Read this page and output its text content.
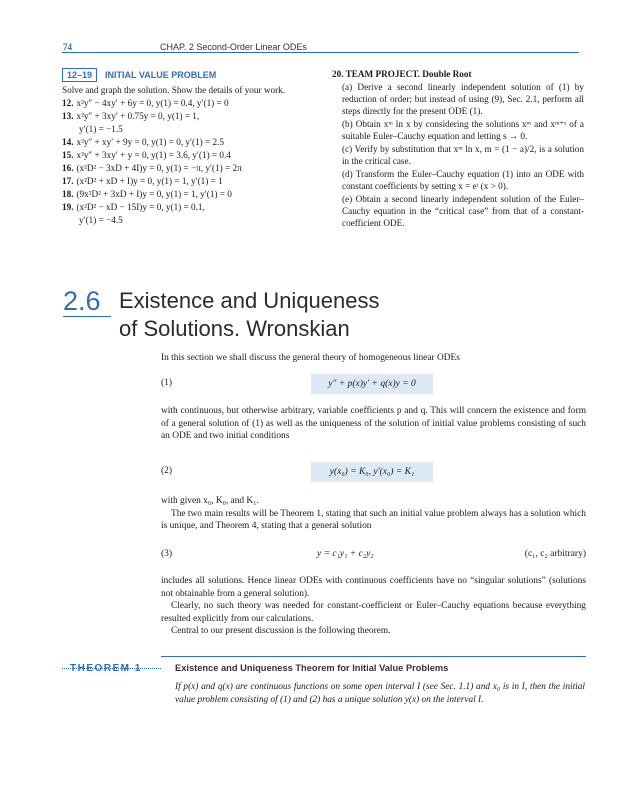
74	CHAP. 2 Second-Order Linear ODEs
12–19	INITIAL VALUE PROBLEM

Solve and graph the solution. Show the details of your work.

12. x²y″ − 4xy′ + 6y = 0, y(1) = 0.4, y′(1) = 0

13. x²y″ + 3xy′ + 0.75y = 0, y(1) = 1,

y′(1) = −1.5

14. x²y″ + xy′ + 9y = 0, y(1) = 0, y′(1) = 2.5

15. x²y″ + 3xy′ + y = 0, y(1) = 3.6, y′(1) = 0.4

16. (x²D² − 3xD + 4I)y = 0, y(1) = −π, y′(1) = 2π

17. (x²D² + xD + I)y = 0, y(1) = 1, y′(1) = 1

18. (9x²D² + 3xD + I)y = 0, y(1) = 1, y′(1) = 0

19. (x²D² − xD − 15I)y = 0, y(1) = 0.1,

y′(1) = −4.5

20. TEAM PROJECT. Double Root

(a) Derive a second linearly independent solution of (1) by reduction of order; but instead of using (9), Sec. 2.1, perform all steps directly for the present ODE (1).

(b) Obtain xᵐ ln x by considering the solutions xᵐ and xᵐ⁺ˢ of a suitable Euler–Cauchy equation and letting s → 0.

(c) Verify by substitution that xᵐ ln x, m = (1 − a)/2, is a solution in the critical case.

(d) Transform the Euler–Cauchy equation (1) into an ODE with constant coefficients by setting x = eᵗ (x > 0).

(e) Obtain a second linearly independent solution of the Euler–Cauchy equation in the “critical case” from that of a constant-coefficient ODE.

2.6 Existence and Uniqueness
of Solutions. Wronskian

In this section we shall discuss the general theory of homogeneous linear ODEs

(1)	y″ + p(x)y′ + q(x)y = 0

with continuous, but otherwise arbitrary, variable coefficients p and q. This will concern the existence and form of a general solution of (1) as well as the uniqueness of the solution of initial value problems consisting of such an ODE and two initial conditions

(2)	y(x₀) = K₀, y′(x₀) = K₁

with given x₀, K₀, and K₁.

The two main results will be Theorem 1, stating that such an initial value problem always has a solution which is unique, and Theorem 4, stating that a general solution

(3)	y = c₁y₁ + c₂y₂	(c₁, c₂ arbitrary)

includes all solutions. Hence linear ODEs with continuous coefficients have no “singular solutions” (solutions not obtainable from a general solution).

Clearly, no such theory was needed for constant-coefficient or Euler–Cauchy equations because everything resulted explicitly from our calculations.

Central to our present discussion is the following theorem.

THEOREM 1	Existence and Uniqueness Theorem for Initial Value Problems
If p(x) and q(x) are continuous functions on some open interval I (see Sec. 1.1) and x₀ is in I, then the initial value problem consisting of (1) and (2) has a unique solution y(x) on the interval I.
